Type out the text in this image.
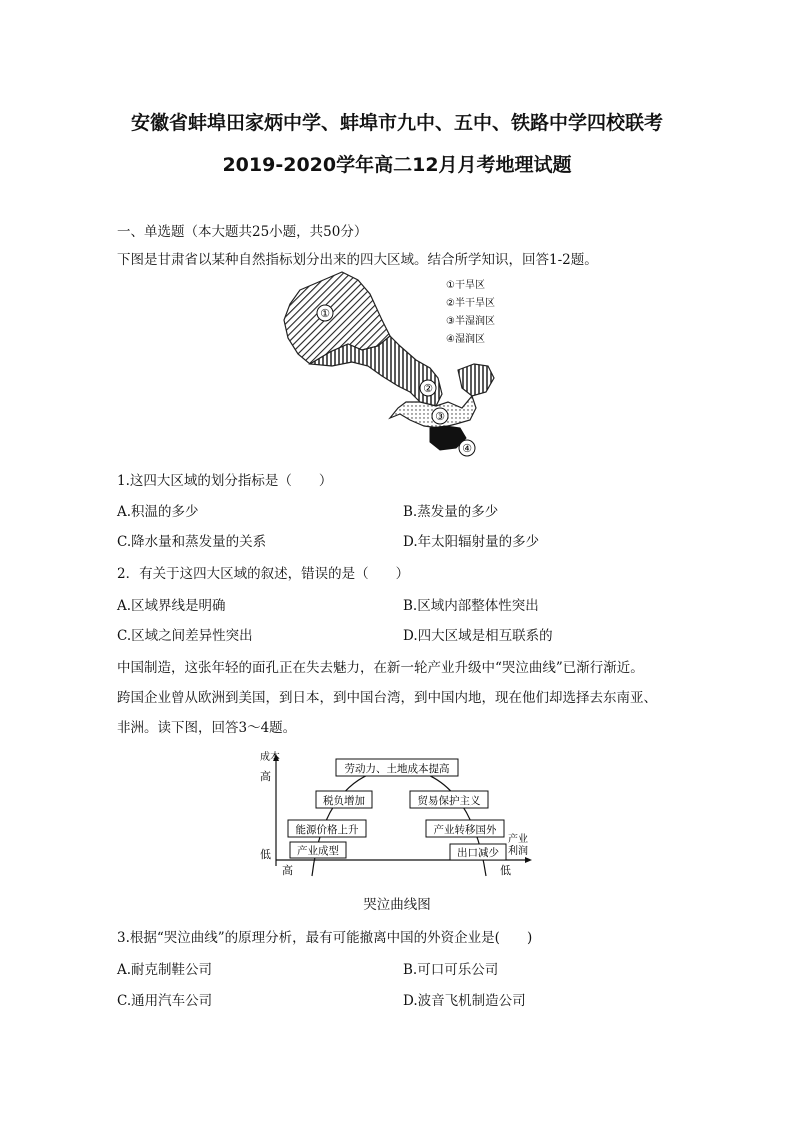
安徽省蚌埠田家炳中学、蚌埠市九中、五中、铁路中学四校联考
2019-2020学年高二12月月考地理试题
一、单选题（本大题共25小题，共50分）
下图是甘肃省以某种自然指标划分出来的四大区域。结合所学知识，回答1-2题。
①
②
③
④
①干旱区
②半干旱区
③半湿润区
④湿润区
1.这四大区域的划分指标是（　　）
A.积温的多少	B.蒸发量的多少
C.降水量和蒸发量的关系	D.年太阳辐射量的多少
2．有关于这四大区域的叙述，错误的是（　　）
A.区域界线是明确	B.区域内部整体性突出
C.区域之间差异性突出	D.四大区域是相互联系的
中国制造，这张年轻的面孔正在失去魅力，在新一轮产业升级中“哭泣曲线”已渐行渐近。
跨国企业曾从欧洲到美国，到日本，到中国台湾，到中国内地，现在他们却选择去东南亚、
非洲。读下图，回答3～4题。
成本
高
低
高	低
产业
利润
劳动力、土地成本提高
税负增加	贸易保护主义
能源价格上升	产业转移国外
产业成型	出口减少
哭泣曲线图
3.根据“哭泣曲线”的原理分析，最有可能撤离中国的外资企业是(　　)
A.耐克制鞋公司	B.可口可乐公司
C.通用汽车公司	D.波音飞机制造公司
